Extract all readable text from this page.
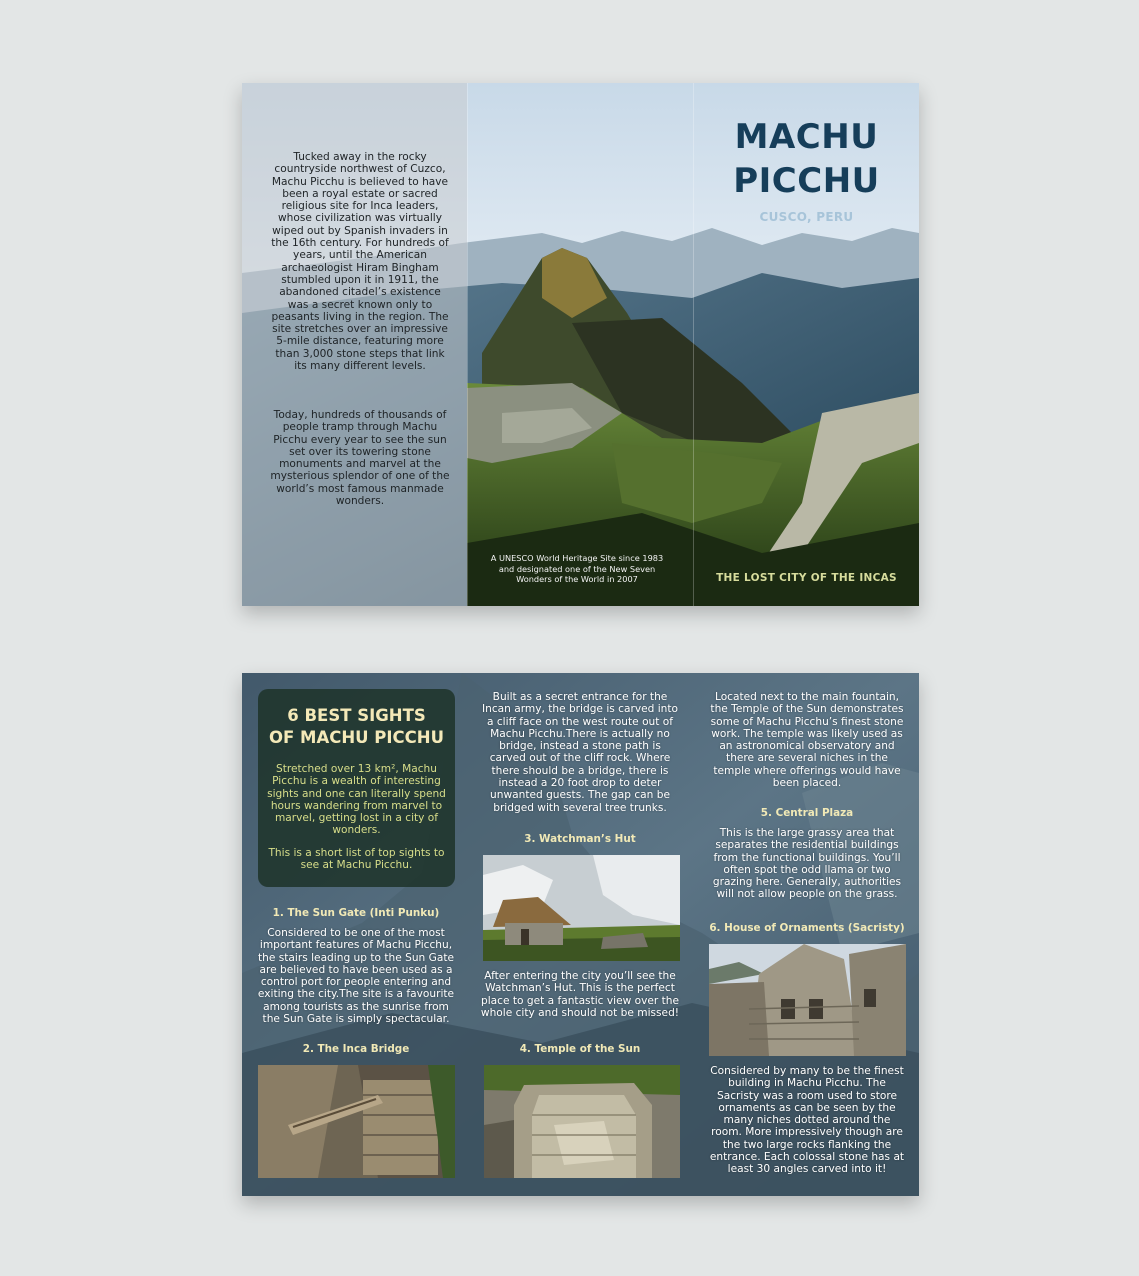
Tucked away in the rocky countryside northwest of Cuzco, Machu Picchu is believed to have been a royal estate or sacred religious site for Inca leaders, whose civilization was virtually wiped out by Spanish invaders in the 16th century. For hundreds of years, until the American archaeologist Hiram Bingham stumbled upon it in 1911, the abandoned citadel’s existence was a secret known only to peasants living in the region. The site stretches over an impressive 5-mile distance, featuring more than 3,000 stone steps that link its many different levels.

Today, hundreds of thousands of people tramp through Machu Picchu every year to see the sun set over its towering stone monuments and marvel at the mysterious splendor of one of the world’s most famous manmade wonders.

MACHU
PICCHU
CUSCO, PERU
A UNESCO World Heritage Site since 1983 and designated one of the New Seven Wonders of the World in 2007	THE LOST CITY OF THE INCAS
6 BEST SIGHTS
OF MACHU PICCHU

Stretched over 13 km², Machu Picchu is a wealth of interesting sights and one can literally spend hours wandering from marvel to marvel, getting lost in a city of wonders.

This is a short list of top sights to see at Machu Picchu.

1. The Sun Gate (Inti Punku)

Considered to be one of the most important features of Machu Picchu, the stairs leading up to the Sun Gate are believed to have been used as a control port for people entering and exiting the city.The site is a favourite among tourists as the sunrise from the Sun Gate is simply spectacular.

2. The Inca Bridge

Built as a secret entrance for the Incan army, the bridge is carved into a cliff face on the west route out of Machu Picchu.There is actually no bridge, instead a stone path is carved out of the cliff rock. Where there should be a bridge, there is instead a 20 foot drop to deter unwanted guests. The gap can be bridged with several tree trunks.

3. Watchman’s Hut

After entering the city you’ll see the Watchman’s Hut. This is the perfect place to get a fantastic view over the whole city and should not be missed!

4. Temple of the Sun

Located next to the main fountain, the Temple of the Sun demonstrates some of Machu Picchu’s finest stone work. The temple was likely used as an astronomical observatory and there are several niches in the temple where offerings would have been placed.

5. Central Plaza

This is the large grassy area that separates the residential buildings from the functional buildings. You’ll often spot the odd llama or two grazing here. Generally, authorities will not allow people on the grass.

6. House of Ornaments (Sacristy)

Considered by many to be the finest building in Machu Picchu. The Sacristy was a room used to store ornaments as can be seen by the many niches dotted around the room. More impressively though are the two large rocks flanking the entrance. Each colossal stone has at least 30 angles carved into it!
